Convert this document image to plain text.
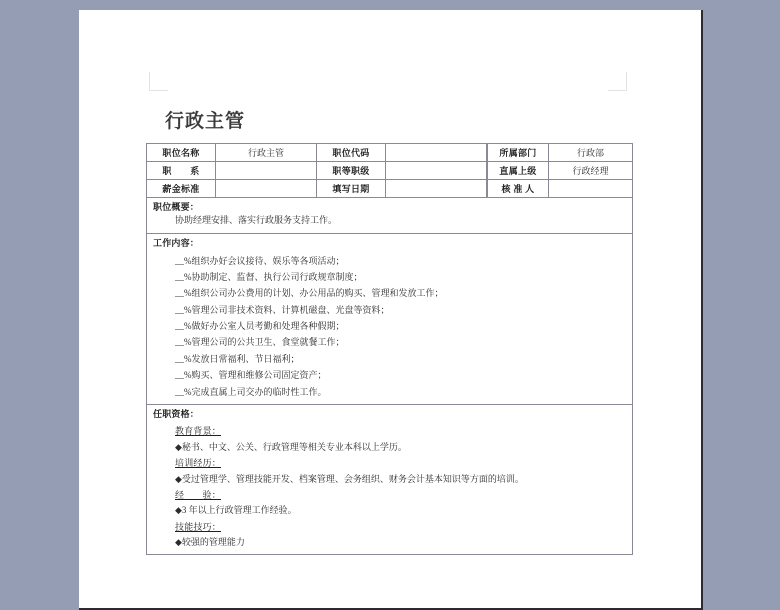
行政主管
职位名称	行政主管	职位代码		所属部门	行政部
职　　系		职等职级		直属上级	行政经理
薪金标准		填写日期		核 准 人	

职位概要：
协助经理安排、落实行政服务支持工作。					

工作内容：
__%组织办好会议接待、娱乐等各项活动；
__%协助制定、监督、执行公司行政规章制度；
__%组织公司办公费用的计划、办公用品的购买、管理和发放工作；
__%管理公司非技术资料、计算机磁盘、光盘等资料；
__%做好办公室人员考勤和处理各种假期；
__%管理公司的公共卫生、食堂就餐工作；
__%发放日常福利、节日福利；
__%购买、管理和维修公司固定资产；
__%完成直属上司交办的临时性工作。

任职资格：
教育背景：
◆秘书、中文、公关、行政管理等相关专业本科以上学历。
培训经历：
◆受过管理学、管理技能开发、档案管理、会务组织、财务会计基本知识等方面的培训。
经　　验：
◆3 年以上行政管理工作经验。
技能技巧：
◆较强的管理能力
